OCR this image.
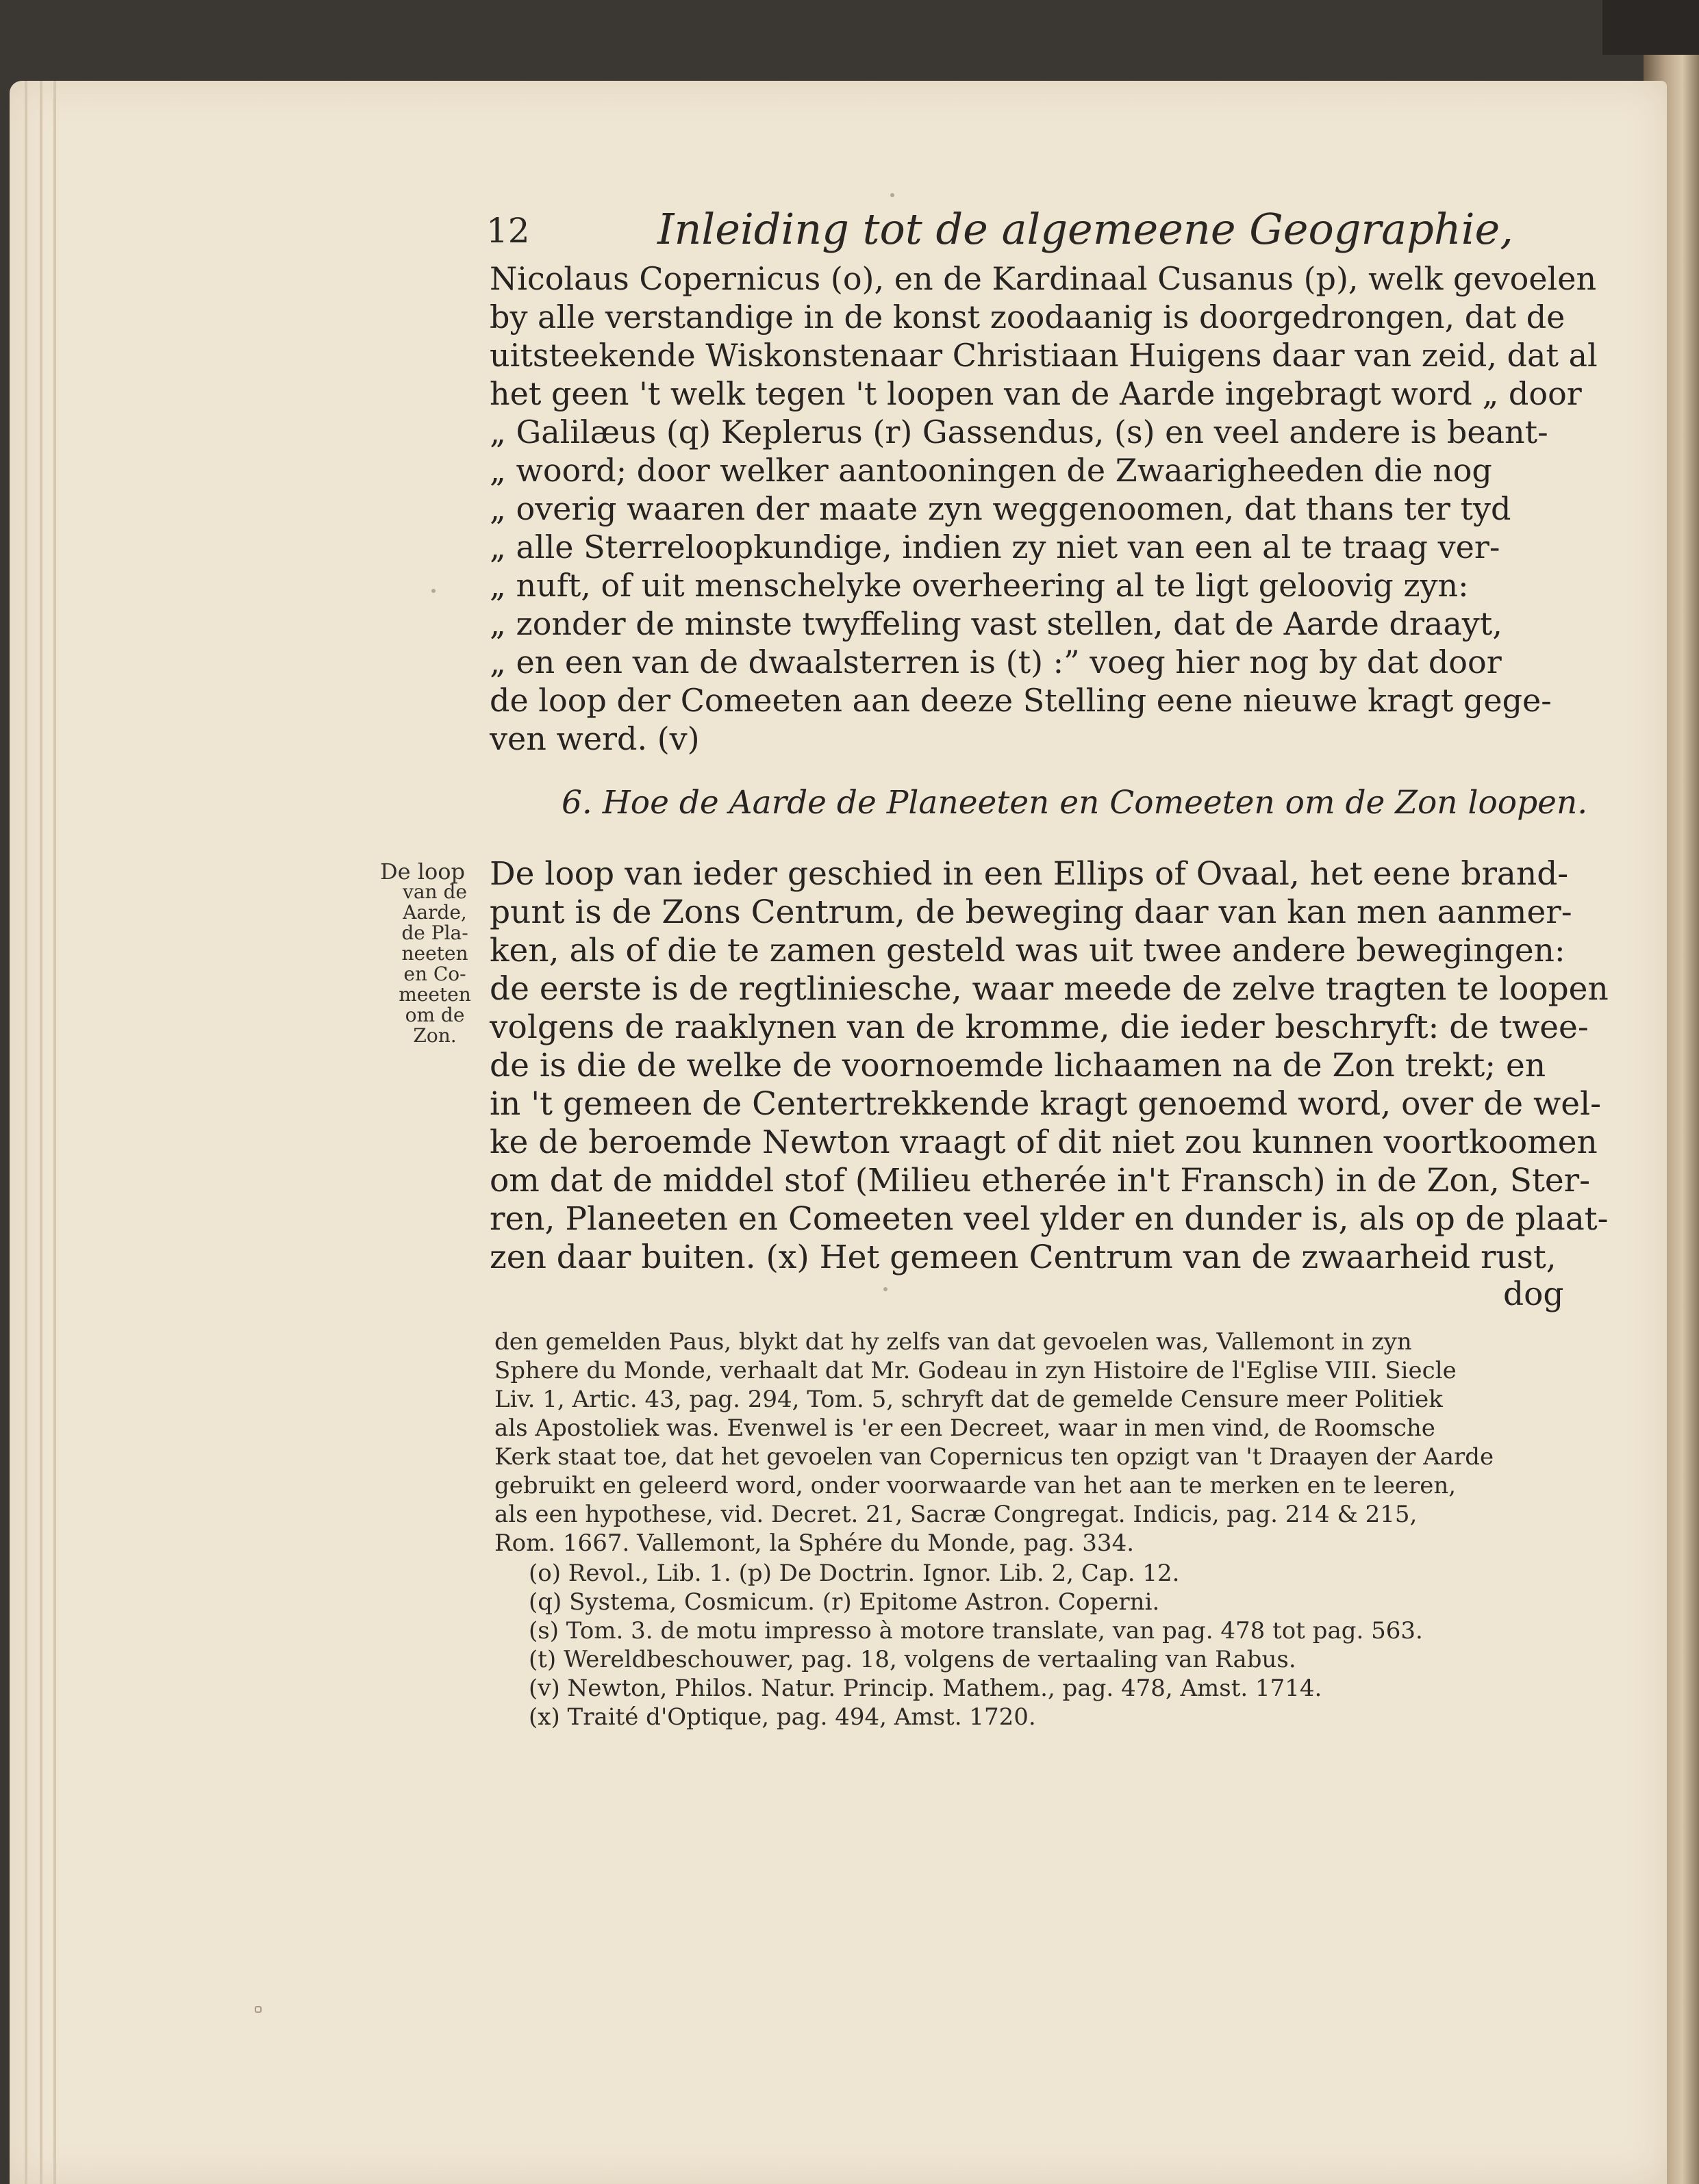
12	Inleiding tot de algemeene Geographie,
Nicolaus Copernicus (o), en de Kardinaal Cusanus (p), welk gevoelen
by alle verstandige in de konst zoodaanig is doorgedrongen, dat de
uitsteekende Wiskonstenaar Christiaan Huigens daar van zeid, dat al
het geen 't welk tegen 't loopen van de Aarde ingebragt word „ door
„ Galilæus (q) Keplerus (r) Gassendus, (s) en veel andere is beant-
„ woord; door welker aantooningen de Zwaarigheeden die nog
„ overig waaren der maate zyn weggenoomen, dat thans ter tyd
„ alle Sterreloopkundige, indien zy niet van een al te traag ver-
„ nuft, of uit menschelyke overheering al te ligt geloovig zyn:
„ zonder de minste twyffeling vast stellen, dat de Aarde draayt,
„ en een van de dwaalsterren is (t) :” voeg hier nog by dat door
de loop der Comeeten aan deeze Stelling eene nieuwe kragt gege-
ven werd. (v)
6. Hoe de Aarde de Planeeten en Comeeten om de Zon loopen.
De loop
van de
Aarde,
de Pla-
neeten
en Co-
meeten
om de
Zon.
De loop van ieder geschied in een Ellips of Ovaal, het eene brand-
punt is de Zons Centrum, de beweging daar van kan men aanmer-
ken, als of die te zamen gesteld was uit twee andere bewegingen:
de eerste is de regtliniesche, waar meede de zelve tragten te loopen
volgens de raaklynen van de kromme, die ieder beschryft: de twee-
de is die de welke de voornoemde lichaamen na de Zon trekt; en
in 't gemeen de Centertrekkende kragt genoemd word, over de wel-
ke de beroemde Newton vraagt of dit niet zou kunnen voortkoomen
om dat de middel stof (Milieu etherée in't Fransch) in de Zon, Ster-
ren, Planeeten en Comeeten veel ylder en dunder is, als op de plaat-
zen daar buiten. (x) Het gemeen Centrum van de zwaarheid rust,
dog
den gemelden Paus, blykt dat hy zelfs van dat gevoelen was, Vallemont in zyn
Sphere du Monde, verhaalt dat Mr. Godeau in zyn Histoire de l'Eglise VIII. Siecle
Liv. 1, Artic. 43, pag. 294, Tom. 5, schryft dat de gemelde Censure meer Politiek
als Apostoliek was. Evenwel is 'er een Decreet, waar in men vind, de Roomsche
Kerk staat toe, dat het gevoelen van Copernicus ten opzigt van 't Draayen der Aarde
gebruikt en geleerd word, onder voorwaarde van het aan te merken en te leeren,
als een hypothese, vid. Decret. 21, Sacræ Congregat. Indicis, pag. 214 & 215,
Rom. 1667. Vallemont, la Sphére du Monde, pag. 334.
(o) Revol., Lib. 1. (p) De Doctrin. Ignor. Lib. 2, Cap. 12.
(q) Systema, Cosmicum. (r) Epitome Astron. Coperni.
(s) Tom. 3. de motu impresso à motore translate, van pag. 478 tot pag. 563.
(t) Wereldbeschouwer, pag. 18, volgens de vertaaling van Rabus.
(v) Newton, Philos. Natur. Princip. Mathem., pag. 478, Amst. 1714.
(x) Traité d'Optique, pag. 494, Amst. 1720.
